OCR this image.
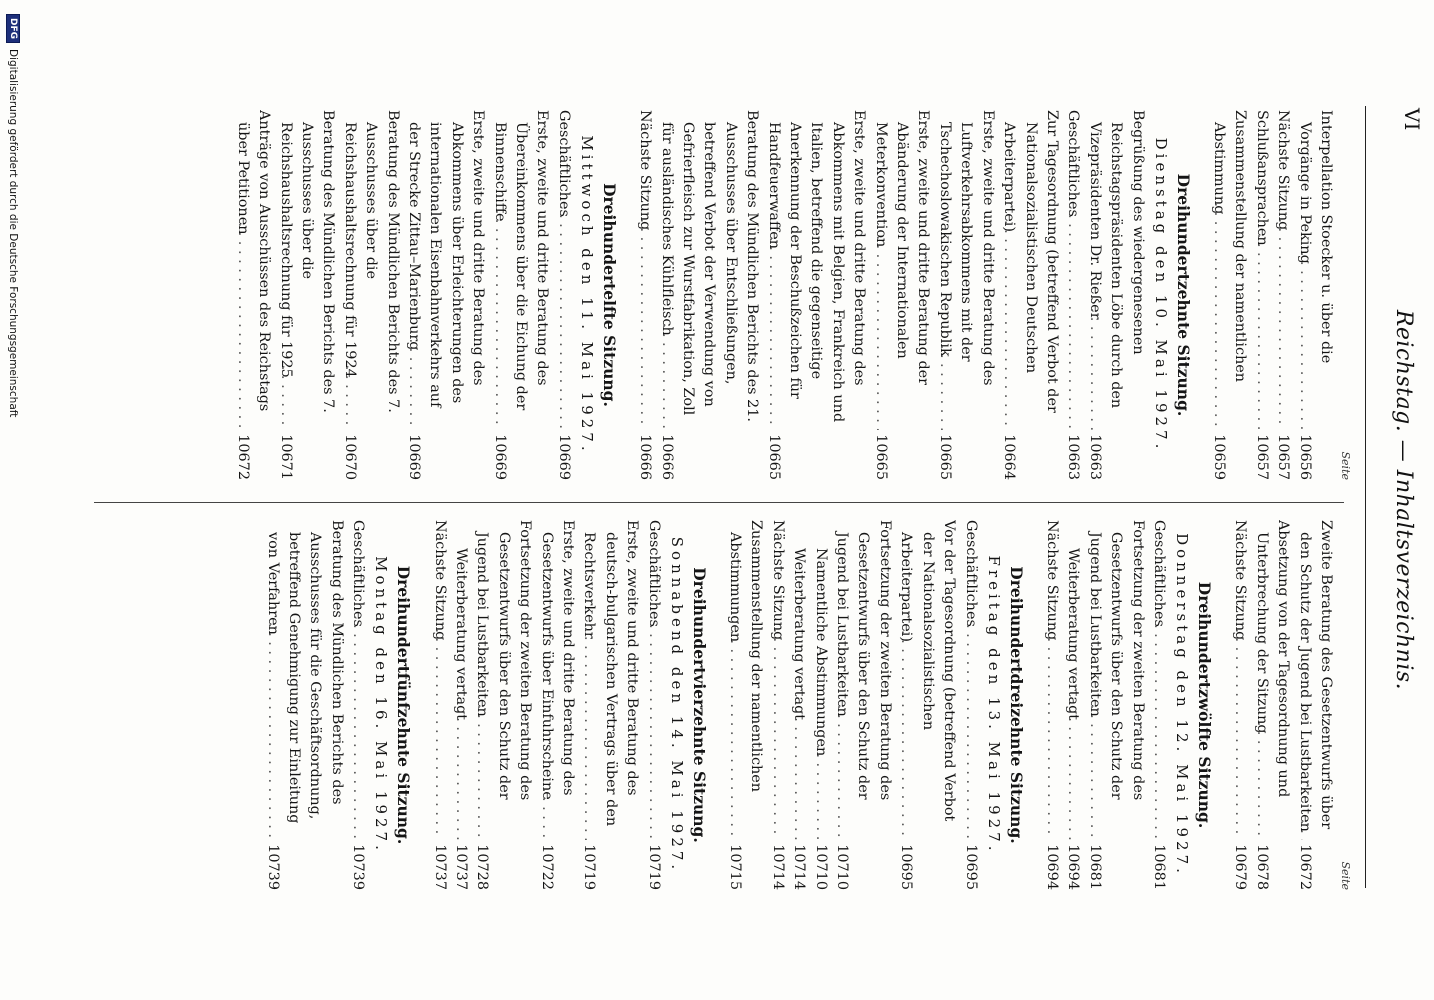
VI
Reichstag. — Inhaltsverzeichnis.
Seite
Interpellation Stoecker u. über die Vorgänge in Peking . . .
10656
Nächste Sitzung . . .
10657
Schlußansprachen . . .
10657
Zusammenstellung der namentlichen Abstimmung . . .
10659
Dreihundertzehnte Sitzung.
Dienstag den 10. Mai 1927.
Begrüßung des wiedergenesenen Reichstagspräsidenten Löbe durch den Vizepräsidenten Dr. Rießer . . .
10663
Geschäftliches . . .
10663
Zur Tagesordnung (betreffend Verbot der Nationalsozialistischen Deutschen Arbeiterpartei) . . .
10664
Erste, zweite und dritte Beratung des Luftverkehrsabkommens mit der Tschechoslowakischen Republik . . .
10665
Erste, zweite und dritte Beratung der Abänderung der Internationalen Meterkonvention . . .
10665
Erste, zweite und dritte Beratung des Abkommens mit Belgien, Frankreich und Italien, betreffend die gegenseitige Anerkennung der Beschußzeichen für Handfeuerwaffen . . .
10665
Beratung des Mündlichen Berichts des 21. Ausschusses über Entschließungen, betreffend Verbot der Verwendung von Gefrierfleisch zur Wurstfabrikation, Zoll für ausländisches Kühlfleisch . . .
10666
Nächste Sitzung . . .
10666
Dreihundertelfte Sitzung.
Mittwoch den 11. Mai 1927.
Geschäftliches . . .
10669
Erste, zweite und dritte Beratung des Übereinkommens über die Eichung der Binnenschiffe . . .
10669
Erste, zweite und dritte Beratung des Abkommens über Erleichterungen des internationalen Eisenbahnverkehrs auf der Strecke Zittau–Marienburg . . .
10669
Beratung des Mündlichen Berichts des 7. Ausschusses über die Reichshaushaltsrechnung für 1924 . . .
10670
Beratung des Mündlichen Berichts des 7. Ausschusses über die Reichshaushaltsrechnung für 1925 . . .
10671
Anträge von Ausschüssen des Reichstags über Petitionen . . .
10672
Seite
Zweite Beratung des Gesetzentwurfs über den Schutz der Jugend bei Lustbarkeiten . . .
10672
Absetzung von der Tagesordnung und Unterbrechung der Sitzung . . .
10678
Nächste Sitzung . . .
10679
Dreihundertzwölfte Sitzung.
Donnerstag den 12. Mai 1927.
Geschäftliches . . .
10681
Fortsetzung der zweiten Beratung des Gesetzentwurfs über den Schutz der Jugend bei Lustbarkeiten . . .
10681
Weiterberatung vertagt . . .
10694
Nächste Sitzung . . .
10694
Dreihundertdreizehnte Sitzung.
Freitag den 13. Mai 1927.
Geschäftliches . . .
10695
Vor der Tagesordnung (betreffend Verbot der Nationalsozialistischen Arbeiterpartei) . . .
10695
Fortsetzung der zweiten Beratung des Gesetzentwurfs über den Schutz der Jugend bei Lustbarkeiten . . .
10710
Namentliche Abstimmungen . . .
10710
Weiterberatung vertagt . . .
10714
Nächste Sitzung . . .
10714
Zusammenstellung der namentlichen Abstimmungen . . .
10715
Dreihundertvierzehnte Sitzung.
Sonnabend den 14. Mai 1927.
Geschäftliches . . .
10719
Erste, zweite und dritte Beratung des deutsch-bulgarischen Vertrags über den Rechtsverkehr . . .
10719
Erste, zweite und dritte Beratung des Gesetzentwurfs über Einfuhrscheine . . .
10722
Fortsetzung der zweiten Beratung des Gesetzentwurfs über den Schutz der Jugend bei Lustbarkeiten . . .
10728
Weiterberatung vertagt . . .
10737
Nächste Sitzung . . .
10737
Dreihundertfünfzehnte Sitzung.
Montag den 16. Mai 1927.
Geschäftliches . . .
10739
Beratung des Mündlichen Berichts des Ausschusses für die Geschäftsordnung, betreffend Genehmigung zur Einleitung von Verfahren . . .
10739
DFG
Digitalisierung gefördert durch die Deutsche Forschungsgemeinschaft
